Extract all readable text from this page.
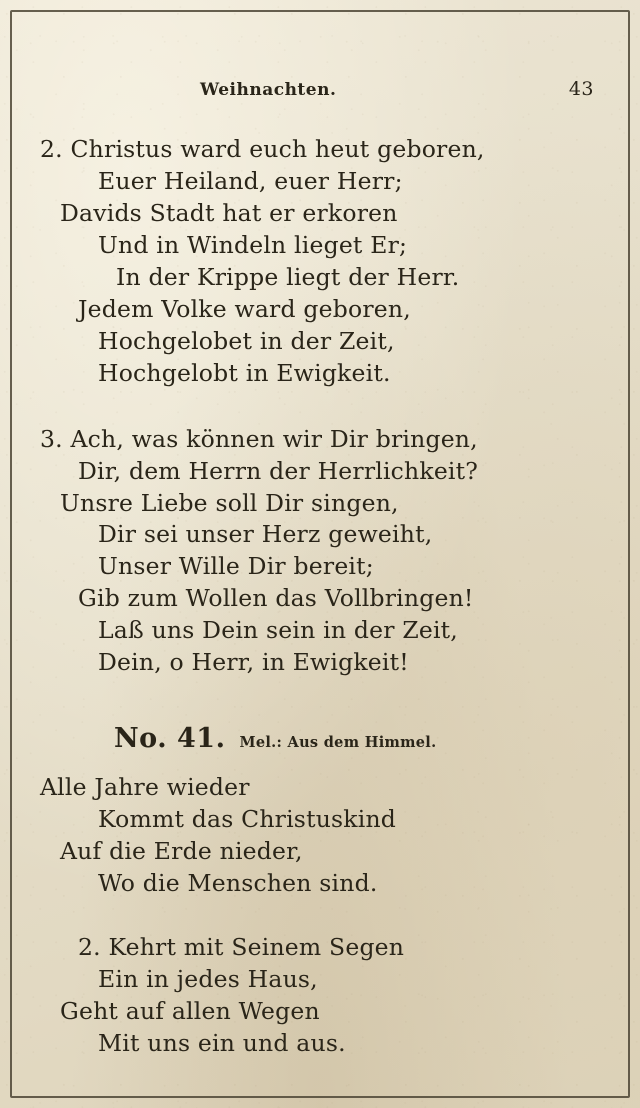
Weihnachten.	43
2. Christus ward euch heut geboren,
Euer Heiland, euer Herr;
Davids Stadt hat er erkoren
Und in Windeln lieget Er;
In der Krippe liegt der Herr.
Jedem Volke ward geboren,
Hochgelobet in der Zeit,
Hochgelobt in Ewigkeit.
3. Ach, was können wir Dir bringen,
Dir, dem Herrn der Herrlichkeit?
Unsre Liebe soll Dir singen,
Dir sei unser Herz geweiht,
Unser Wille Dir bereit;
Gib zum Wollen das Vollbringen!
Laß uns Dein sein in der Zeit,
Dein, o Herr, in Ewigkeit!
No. 41. Mel.: Aus dem Himmel.
Alle Jahre wieder
Kommt das Christuskind
Auf die Erde nieder,
Wo die Menschen sind.
2. Kehrt mit Seinem Segen
Ein in jedes Haus,
Geht auf allen Wegen
Mit uns ein und aus.
